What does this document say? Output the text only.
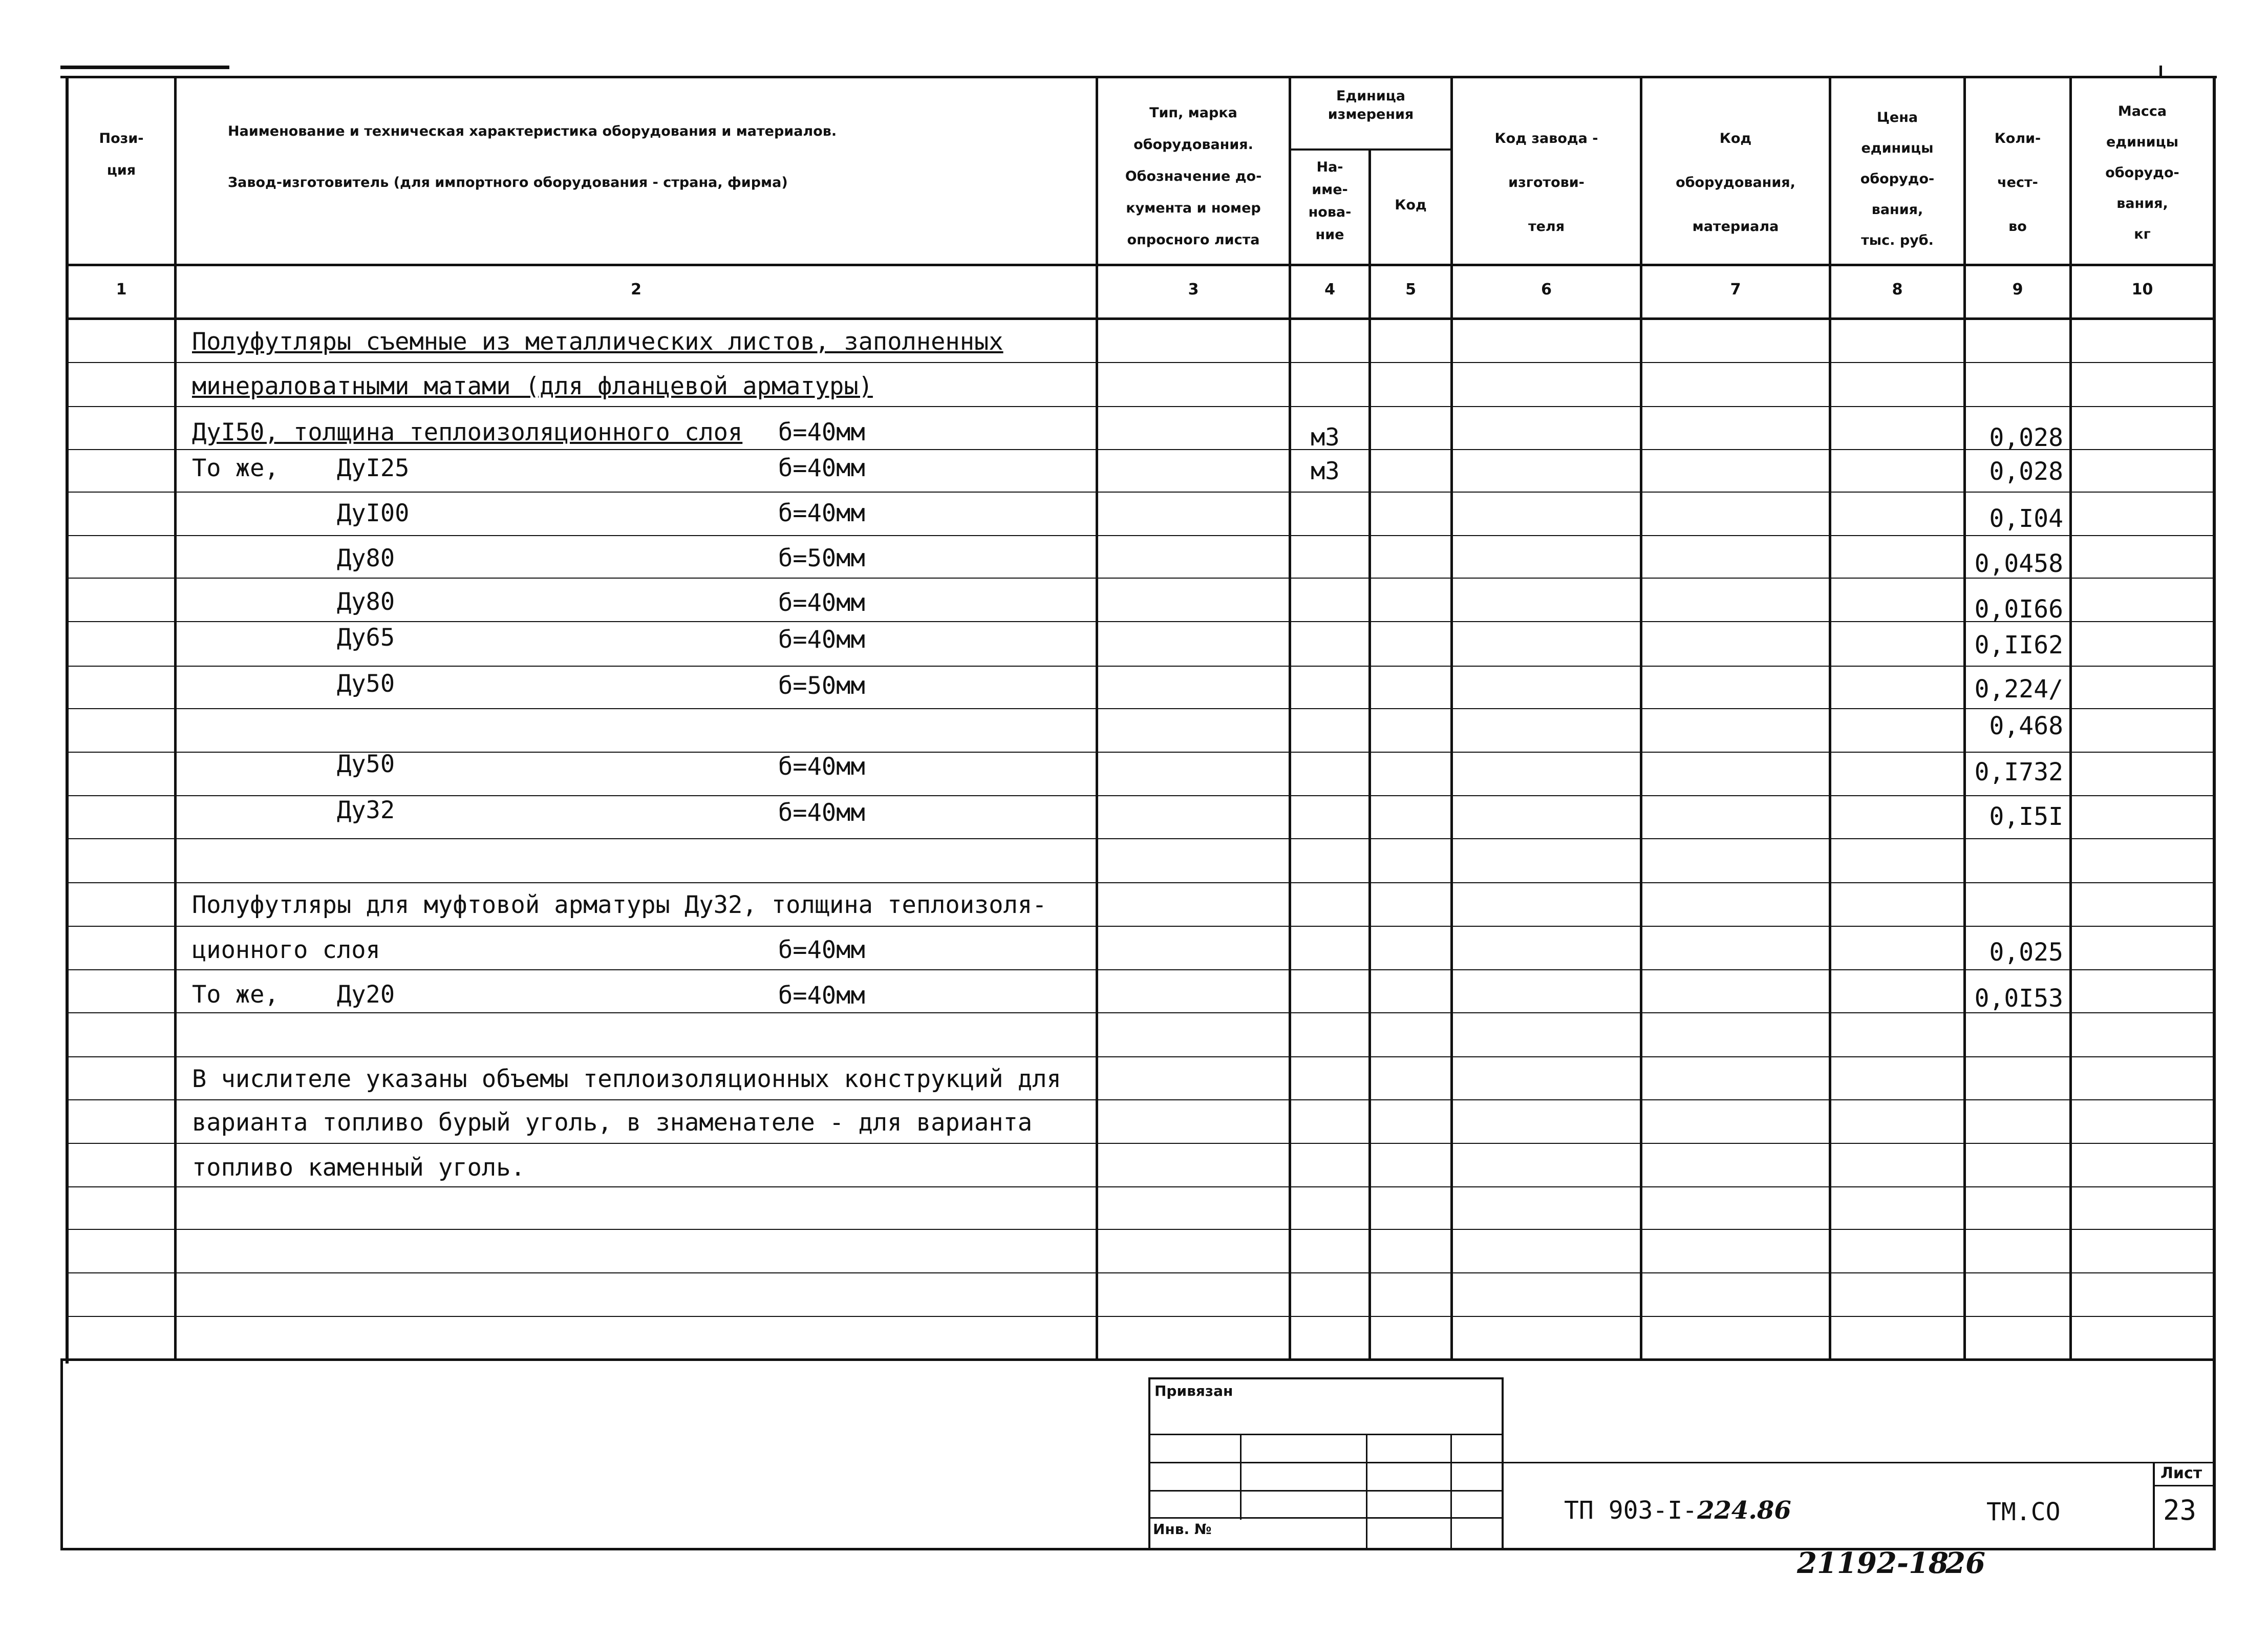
Пози-
ция
Наименование и техническая характеристика оборудования и материалов.
Завод-изготовитель (для импортного оборудования - страна, фирма)
Тип, марка
оборудования.
Обозначение до-
кумента и номер
опросного листа
Единица
измерения
На-
име-
нова-
ние
Код
Код завода -
изготови-
теля
Код
оборудования,
материала
Цена
единицы
оборудо-
вания,
тыс. руб.
Коли-
чест-
во
Масса
единицы
оборудо-
вания,
кг
1	2	3	4	5	6	7	8	9	10
Полуфутляры съемные из металлических листов, заполненных
минераловатными матами (для фланцевой арматуры)
ДуI50, толщина теплоизоляционного слоя б=40мм	м3	0,028
То же,    ДуI25	б=40мм	м3	0,028
ДуI00	б=40мм	0,I04
Ду80	б=50мм	0,0458
Ду80	б=40мм	0,0I66
Ду65	б=40мм	0,II62
Ду50	б=50мм	0,224/
0,468
Ду50	б=40мм	0,I732
Ду32	б=40мм	0,I5I
Полуфутляры для муфтовой арматуры Ду32, толщина теплоизоля-
ционного слоя	б=40мм	0,025
То же,    Ду20	б=40мм	0,0I53
В числителе указаны объемы теплоизоляционных конструкций для
варианта топливо бурый уголь, в знаменателе - для варианта
топливо каменный уголь.
Привязан
Инв. №
ТП 903-I-224.86	ТМ.СО
Лист
23
21192-18
26
